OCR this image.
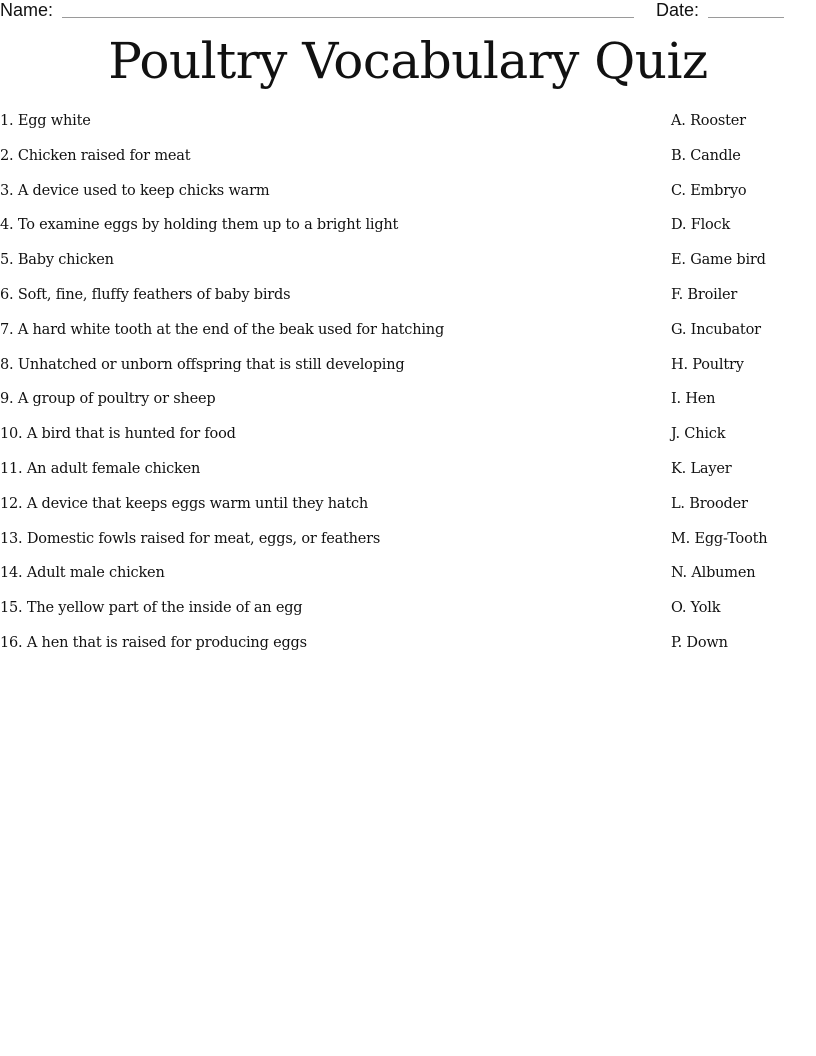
Name:	Date:
Poultry Vocabulary Quiz
1. Egg white	A. Rooster
2. Chicken raised for meat	B. Candle
3. A device used to keep chicks warm	C. Embryo
4. To examine eggs by holding them up to a bright light	D. Flock
5. Baby chicken	E. Game bird
6. Soft, fine, fluffy feathers of baby birds	F. Broiler
7. A hard white tooth at the end of the beak used for hatching	G. Incubator
8. Unhatched or unborn offspring that is still developing	H. Poultry
9. A group of poultry or sheep	I. Hen
10. A bird that is hunted for food	J. Chick
11. An adult female chicken	K. Layer
12. A device that keeps eggs warm until they hatch	L. Brooder
13. Domestic fowls raised for meat, eggs, or feathers	M. Egg-Tooth
14. Adult male chicken	N. Albumen
15. The yellow part of the inside of an egg	O. Yolk
16. A hen that is raised for producing eggs	P. Down
